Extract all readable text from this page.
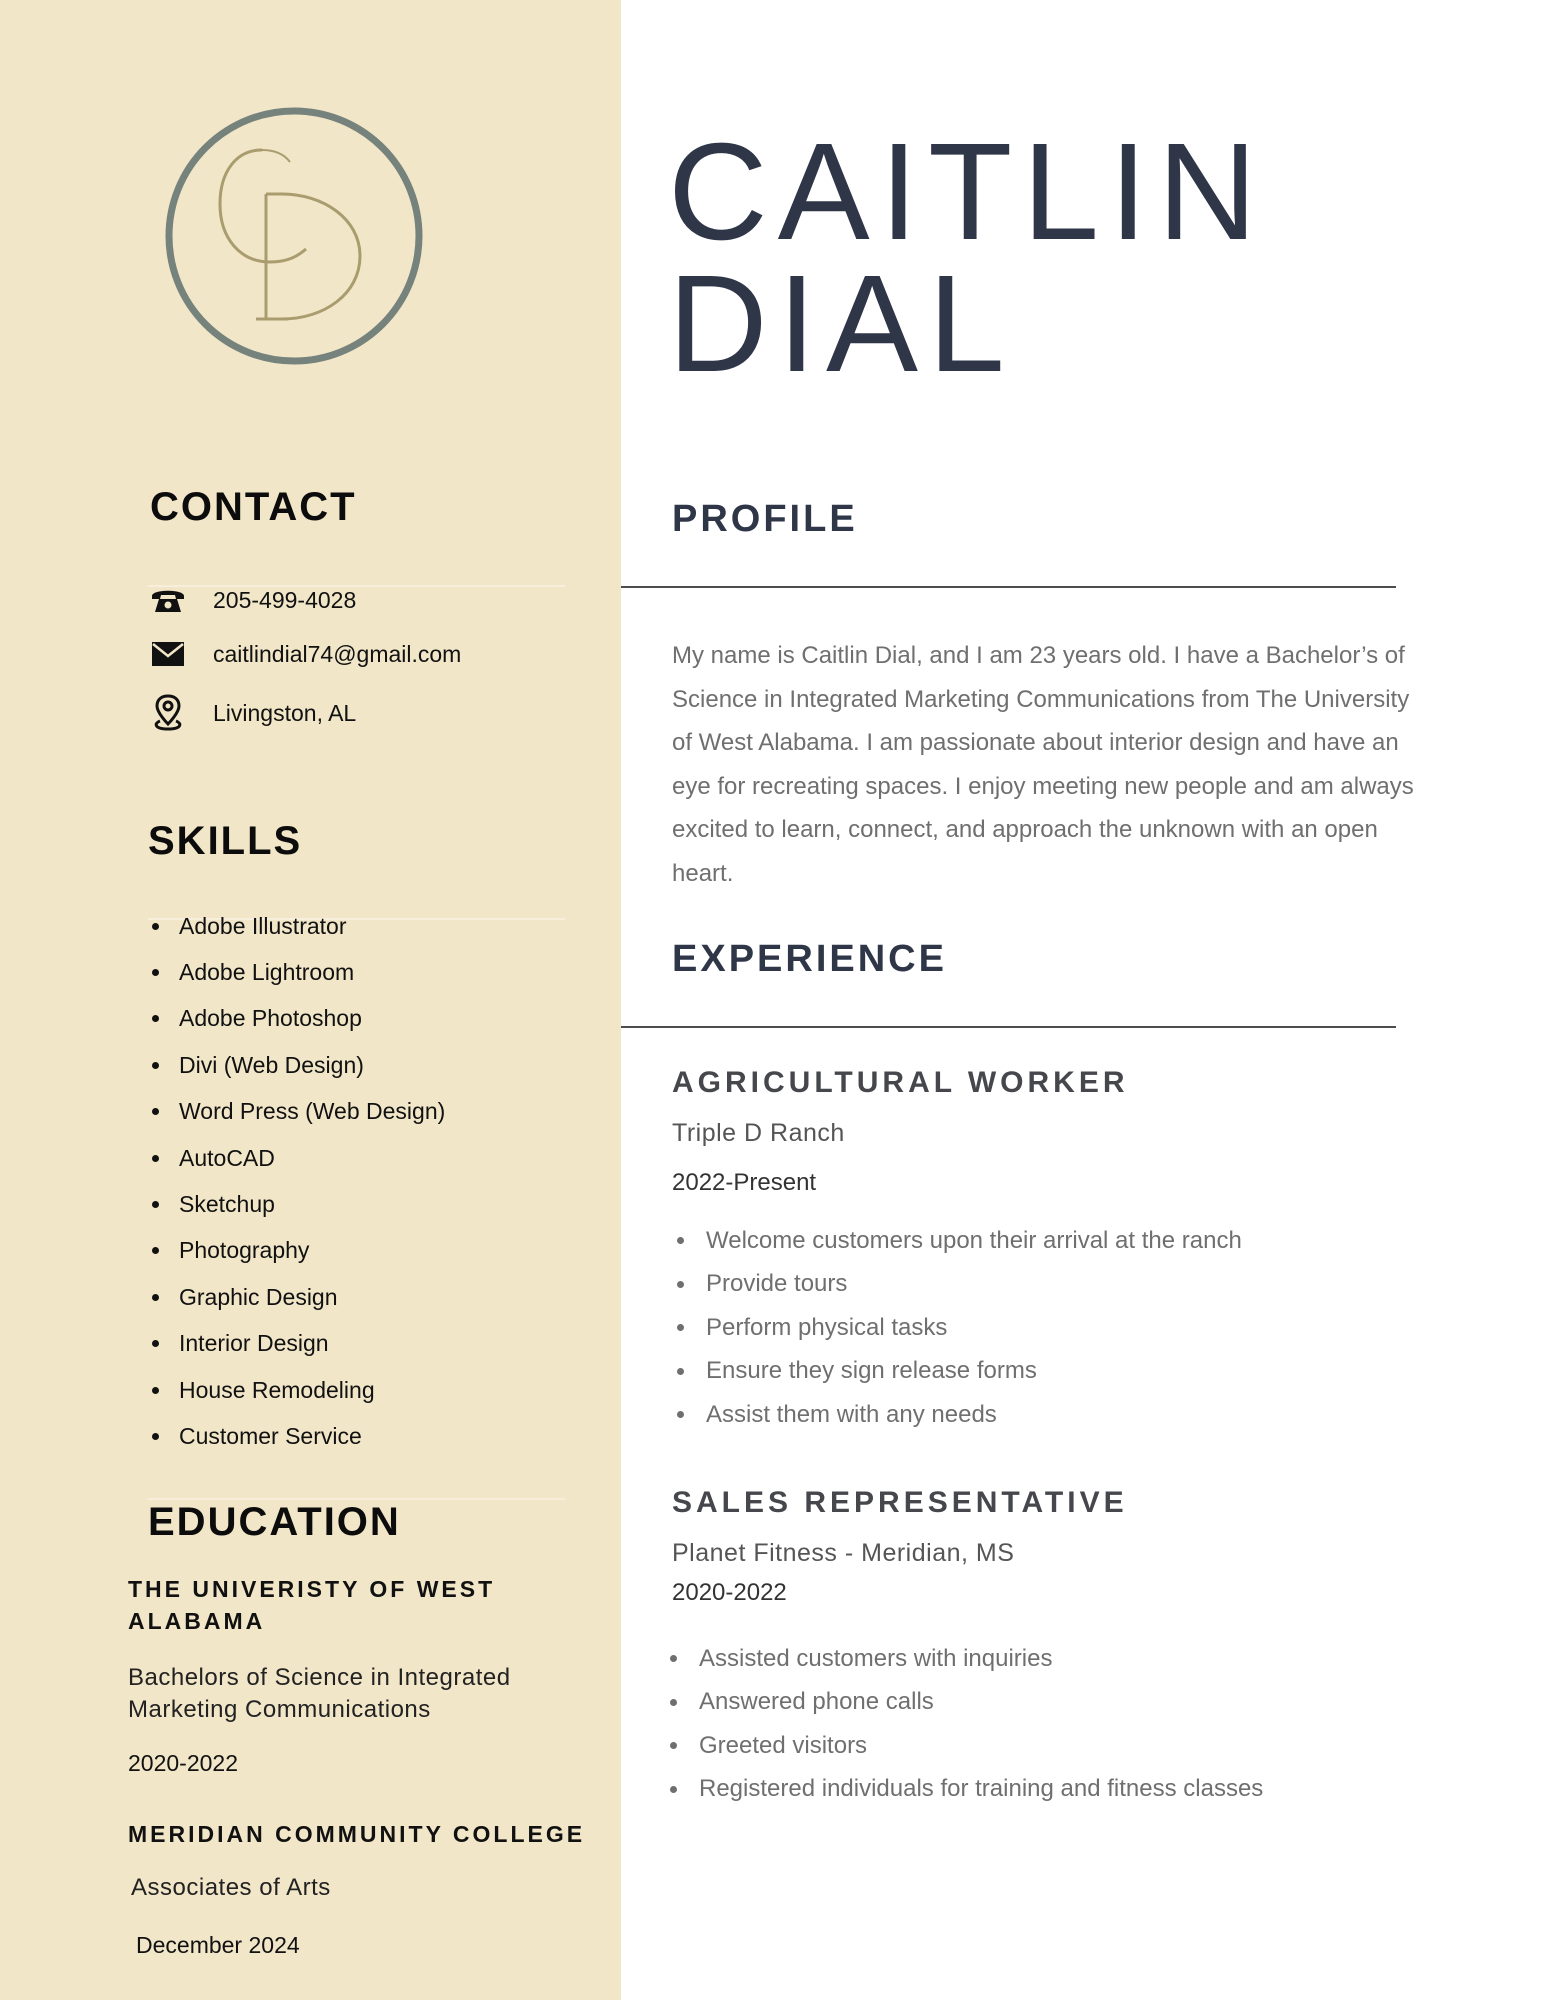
CONTACT
205-499-4028
caitlindial74@gmail.com
Livingston, AL
SKILLS
Adobe Illustrator
Adobe Lightroom
Adobe Photoshop
Divi (Web Design)
Word Press (Web Design)
AutoCAD
Sketchup
Photography
Graphic Design
Interior Design
House Remodeling
Customer Service
EDUCATION
THE UNIVERISTY OF WEST
ALABAMA
Bachelors of Science in Integrated
Marketing Communications
2020-2022
MERIDIAN COMMUNITY COLLEGE
Associates of Arts
December 2024
CAITLIN
DIAL
PROFILE

My name is Caitlin Dial, and I am 23 years old. I have a Bachelor’s of Science in Integrated Marketing Communications from The University of West Alabama. I am passionate about interior design and have an eye for recreating spaces. I enjoy meeting new people and am always excited to learn, connect, and approach the unknown with an open heart.

EXPERIENCE
AGRICULTURAL WORKER
Triple D Ranch
2022-Present
Welcome customers upon their arrival at the ranch
Provide tours
Perform physical tasks
Ensure they sign release forms
Assist them with any needs
SALES REPRESENTATIVE
Planet Fitness - Meridian, MS
2020-2022
Assisted customers with inquiries
Answered phone calls
Greeted visitors
Registered individuals for training and fitness classes
